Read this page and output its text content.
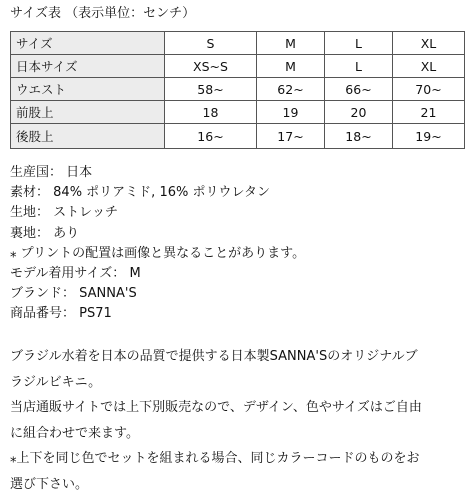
サイズ表 （表示単位：センチ）
サイズ	S	M	L	XL
日本サイズ	XS~S	M	L	XL
ウエスト	58~	62~	66~	70~
前股上	18	19	20	21
後股上	16~	17~	18~	19~
生産国： 日本
素材： 84% ポリアミド, 16% ポリウレタン
生地： ストレッチ
裏地： あり
⁎ プリントの配置は画像と異なることがあります。
モデル着用サイズ： M
ブランド： SANNA'S
商品番号： PS71
ブラジル水着を日本の品質で提供する日本製SANNA'Sのオリジナルブ
ラジルビキニ。
当店通販サイトでは上下別販売なので、デザイン、色やサイズはご自由
に組合わせで来ます。
⁎上下を同じ色でセットを組まれる場合、同じカラーコードのものをお
選び下さい。
